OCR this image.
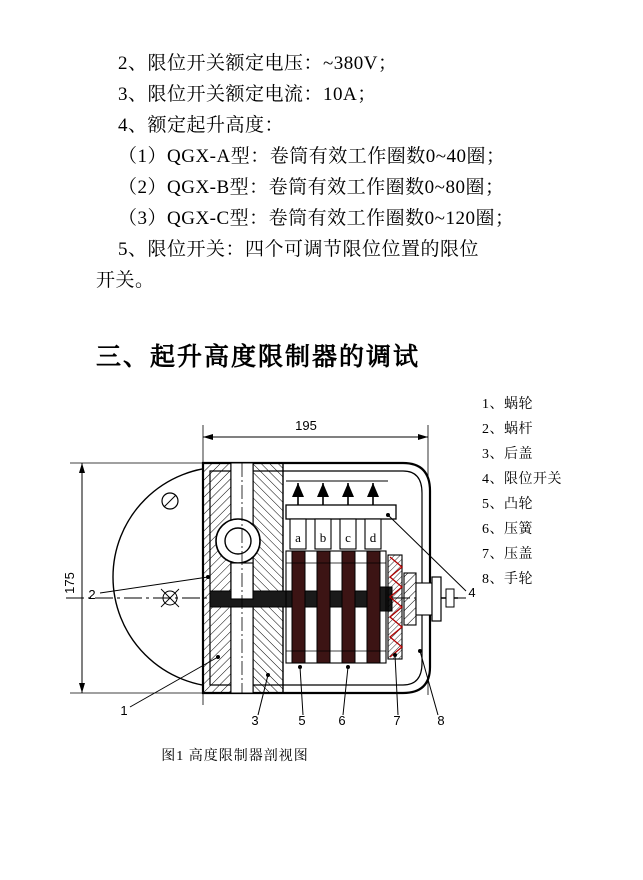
2、限位开关额定电压：~380V；
3、限位开关额定电流：10A；
4、额定起升高度：
（1）QGX-A型：卷筒有效工作圈数0~40圈；
（2）QGX-B型：卷筒有效工作圈数0~80圈；
（3）QGX-C型：卷筒有效工作圈数0~120圈；
5、限位开关：四个可调节限位位置的限位
开关。
三、起升高度限制器的调试
1、蜗轮
2、蜗杆
3、后盖
4、限位开关
5、凸轮
6、压簧
7、压盖
8、手轮
195
175
a b c d
2	4
1
3	5	6	7	8
图1 高度限制器剖视图
